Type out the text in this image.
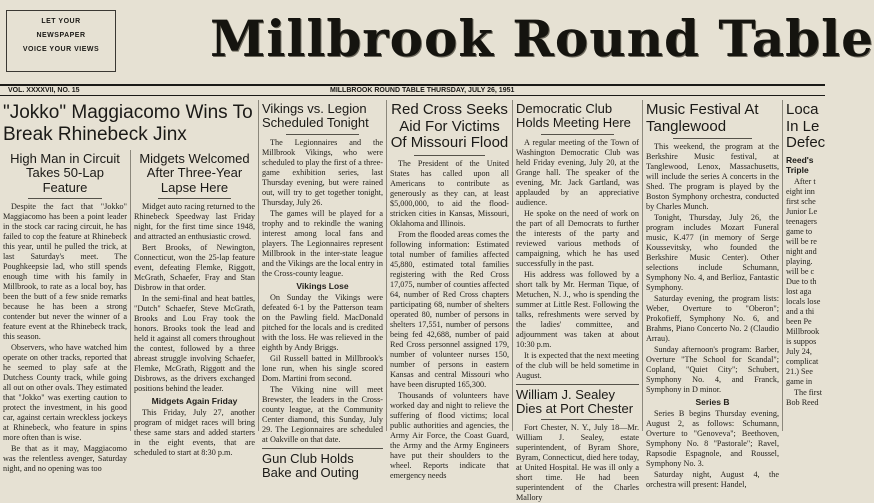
LET YOUR
NEWSPAPER
VOICE YOUR VIEWS Millbrook Round Table
VOL. XXXXVII, NO. 15	MILLBROOK ROUND TABLE THURSDAY, JULY 26, 1951
"Jokko" Maggiacomo Wins To Break Rhinebeck Jinx
High Man in Circuit Takes 50-Lap Feature

Despite the fact that "Jokko" Maggiacomo has been a point leader in the stock car racing circuit, he has failed to cop the feature at Rhinebeck this year, until he pulled the trick, at last Saturday's meet. The Poughkeepsie lad, who still spends enough time with his family in Millbrook, to rate as a local boy, has been the butt of a few snide remarks because he has been a strong contender but never the winner of a feature event at the Rhinebeck track, this season.

Observers, who have watched him operate on other tracks, reported that he seemed to play safe at the Dutchess County track, while going all out on other ovals. They estimated that "Jokko" was exerting caution to protect the investment, in his good car, against certain wreckless jockeys at Rhinebeck, who feature in spins more often than is wise.

Be that as it may, Maggiacomo was the relentless avenger, Saturday night, and no opening was too

Midgets Welcomed After Three-Year Lapse Here

Midget auto racing returned to the Rhinebeck Speedway last Friday night, for the first time since 1948, and attracted an enthusiastic crowd.

Bert Brooks, of Newington, Connecticut, won the 25-lap feature event, defeating Flemke, Riggott, McGrath, Schaefer, Fray and Stan Disbrow in that order.

In the semi-final and heat battles, "Dutch" Schaefer, Steve McGrath, Brooks and Lou Fray took the honors. Brooks took the lead and held it against all comers throughout the contest, followed by a three abreast struggle involving Schaefer, Flemke, McGrath, Riggott and the Disbrows, as the drivers exchanged positions behind the leader.

Midgets Again Friday

This Friday, July 27, another program of midget races will bring these same stars and added starters in the eight events, that are scheduled to start at 8:30 p.m.

Vikings vs. Legion Scheduled Tonight

The Legionnaires and the Millbrook Vikings, who were scheduled to play the first of a three-game exhibition series, last Thursday evening, but were rained out, will try to get together tonight, Thursday, July 26.

The games will be played for a trophy and to rekindle the waning interest among local fans and players. The Legionnaires represent Millbrook in the inter-state league and the Vikings are the local entry in the Cross-county league.

Vikings Lose

On Sunday the Vikings were defeated 6-1 by the Patterson team on the Pawling field. MacDonald pitched for the locals and is credited with the loss. He was relieved in the eighth by Andy Briggs.

Gil Russell batted in Millbrook's lone run, when his single scored Dom. Martini from second.

The Viking nine will meet Brewster, the leaders in the Cross-county league, at the Community Center diamond, this Sunday, July 29. The Legionnaires are scheduled at Oakville on that date.

Gun Club Holds Bake and Outing
Red Cross Seeks Aid For Victims Of Missouri Flood

The President of the United States has called upon all Americans to contribute as generously as they can, at least $5,000,000, to aid the flood-stricken cities in Kansas, Missouri, Oklahoma and Illinois.

From the flooded areas comes the following information: Estimated total number of families affected 45,880, estimated total families registering with the Red Cross 17,075, number of counties affected 64, number of Red Cross chapters participating 68, number of shelters operated 80, number of persons in shelters 17,551, number of persons being fed 42,688, number of paid Red Cross personnel assigned 179, number of volunteer nurses 150, number of persons in eastern Kansas and central Missouri who have been disrupted 165,300.

Thousands of volunteers have worked day and night to relieve the suffering of flood victims; local public authorities and agencies, the Army Air Force, the Coast Guard, the Army and the Army Engineers have put their shoulders to the wheel. Reports indicate that emergency needs

Democratic Club Holds Meeting Here

A regular meeting of the Town of Washington Democratic Club was held Friday evening, July 20, at the Grange hall. The speaker of the evening, Mr. Jack Gartland, was applauded by an appreciative audience.

He spoke on the need of work on the part of all Democrats to further the interests of the party and reviewed various methods of campaigning, which he has used successfully in the past.

His address was followed by a short talk by Mr. Herman Tique, of Metuchen, N. J., who is spending the summer at Little Rest. Following the talks, refreshments were served by the ladies' committee, and adjournment was taken at about 10:30 p.m.

It is expected that the next meeting of the club will be held sometime in August.

William J. Sealey Dies at Port Chester

Fort Chester, N. Y., July 18—Mr. William J. Sealey, estate superintendent, of Byram Shore, Byram, Connecticut, died here today, at United Hospital. He was ill only a short time. He had been superintendent of the Charles Mallory

Music Festival At Tanglewood

This weekend, the program at the Berkshire Music festival, at Tanglewood, Lenox, Massachusetts, will include the series A concerts in the Shed. The program is played by the Boston Symphony orchestra, conducted by Charles Munch.

Tonight, Thursday, July 26, the program includes Mozart Funeral music, K.477 (in memory of Serge Koussevitsky, who founded the Berkshire Music Center). Other selections include Schumann, Symphony No. 4, and Berlioz, Fantastic Symphony.

Saturday evening, the program lists: Weber, Overture to "Oberon"; Prokofieff, Symphony No. 6, and Brahms, Piano Concerto No. 2 (Claudio Arrau).

Sunday afternoon's program: Barber, Overture "The School for Scandal"; Copland, "Quiet City"; Schubert, Symphony No. 4, and Franck, Symphony in D minor.

Series B

Series B begins Thursday evening, August 2, as follows: Schumann, Overture to "Genoveva"; Beethoven, Symphony No. 8 "Pastorale"; Ravel, Rapsodie Espagnole, and Roussel, Symphony No. 3.

Saturday night, August 4, the orchestra will present: Handel,

Loca In Le Defec
Reed's Triple

After t eight inn first sche Junior Le teenagers game to will be re night and playing. will be c Due to th lost aga locals lose and a thi been Pe Millbrook is suppos July 24, complicat 21.) See game in

The first Bob Reed
